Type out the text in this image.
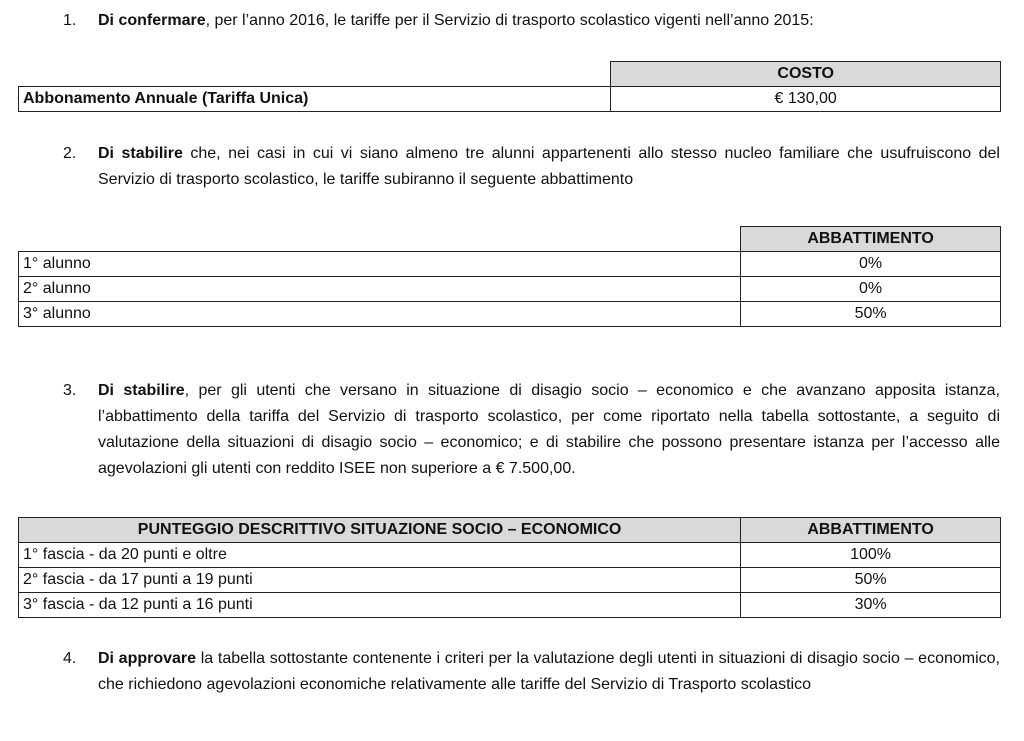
1. Di confermare, per l’anno 2016, le tariffe per il Servizio di trasporto scolastico vigenti nell’anno 2015:
	COSTO
Abbonamento Annuale (Tariffa Unica)	€ 130,00
2. Di stabilire che, nei casi in cui vi siano almeno tre alunni appartenenti allo stesso nucleo familiare che usufruiscono del Servizio di trasporto scolastico, le tariffe subiranno il seguente abbattimento
	ABBATTIMENTO
1° alunno	0%
2° alunno	0%
3° alunno	50%
3. Di stabilire, per gli utenti che versano in situazione di disagio socio – economico e che avanzano apposita istanza, l’abbattimento della tariffa del Servizio di trasporto scolastico, per come riportato nella tabella sottostante, a seguito di valutazione della situazioni di disagio socio – economico; e di stabilire che possono presentare istanza per l’accesso alle agevolazioni gli utenti con reddito ISEE non superiore a € 7.500,00.
PUNTEGGIO DESCRITTIVO SITUAZIONE SOCIO – ECONOMICO	ABBATTIMENTO
1° fascia - da 20 punti e oltre	100%
2° fascia - da 17 punti a 19 punti	50%
3° fascia - da 12 punti a 16 punti	30%
4. Di approvare la tabella sottostante contenente i criteri per la valutazione degli utenti in situazioni di disagio socio – economico, che richiedono agevolazioni economiche relativamente alle tariffe del Servizio di Trasporto scolastico
